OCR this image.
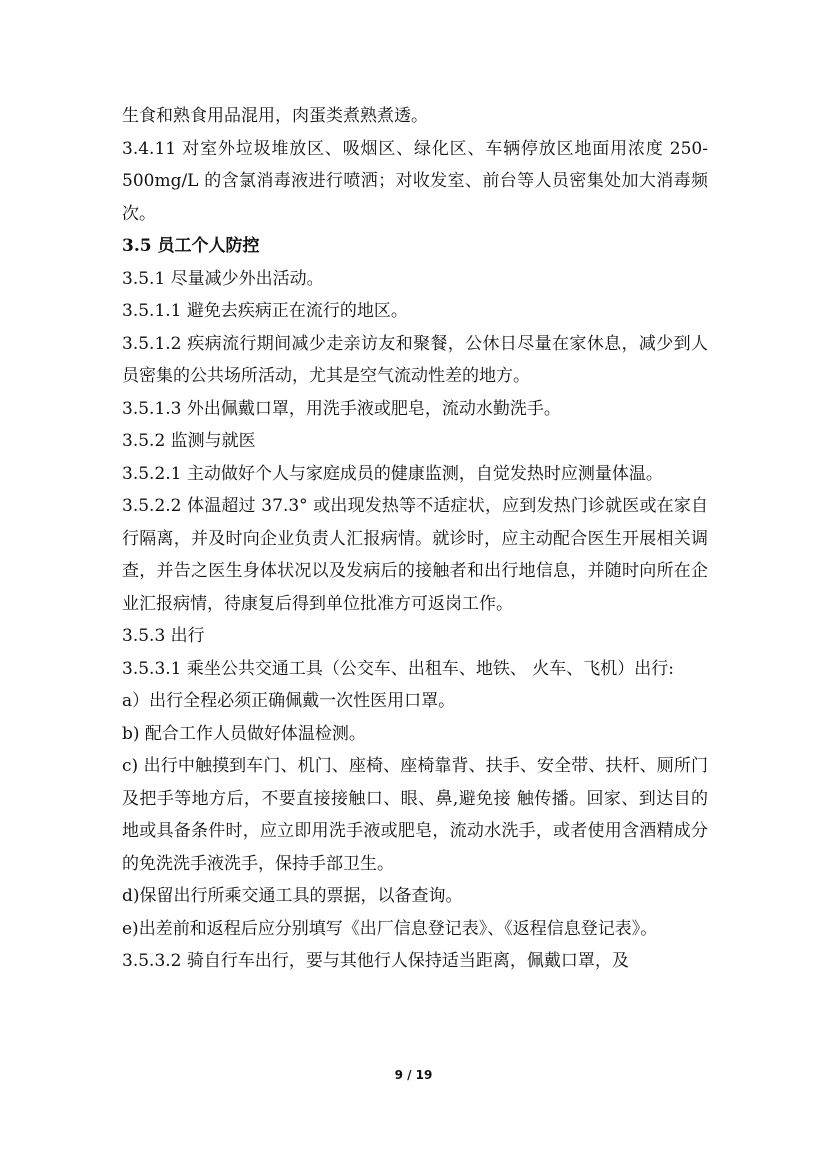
生食和熟食用品混用，肉蛋类煮熟煮透。

3.4.11 对室外垃圾堆放区、吸烟区、绿化区、车辆停放区地面用浓度 250-500mg/L 的含氯消毒液进行喷洒；对收发室、前台等人员密集处加大消毒频次。

3.5 员工个人防控

3.5.1 尽量减少外出活动。

3.5.1.1 避免去疾病正在流行的地区。

3.5.1.2 疾病流行期间减少走亲访友和聚餐，公休日尽量在家休息，减少到人员密集的公共场所活动，尤其是空气流动性差的地方。

3.5.1.3 外出佩戴口罩，用洗手液或肥皂，流动水勤洗手。

3.5.2 监测与就医

3.5.2.1 主动做好个人与家庭成员的健康监测，自觉发热时应测量体温。

3.5.2.2 体温超过 37.3° 或出现发热等不适症状，应到发热门诊就医或在家自行隔离，并及时向企业负责人汇报病情。就诊时，应主动配合医生开展相关调查，并告之医生身体状况以及发病后的接触者和出行地信息，并随时向所在企业汇报病情，待康复后得到单位批准方可返岗工作。

3.5.3 出行

3.5.3.1 乘坐公共交通工具（公交车、出租车、地铁、 火车、飞机）出行:

a）出行全程必须正确佩戴一次性医用口罩。

b) 配合工作人员做好体温检测。

c) 出行中触摸到车门、机门、座椅、座椅靠背、扶手、安全带、扶杆、厕所门及把手等地方后，不要直接接触口、眼、鼻,避免接 触传播。回家、到达目的地或具备条件时，应立即用洗手液或肥皂，流动水洗手，或者使用含酒精成分的免洗洗手液洗手，保持手部卫生。

d)保留出行所乘交通工具的票据，以备查询。

e)出差前和返程后应分别填写《出厂信息登记表》、《返程信息登记表》。

3.5.3.2 骑自行车出行，要与其他行人保持适当距离，佩戴口罩，及

9 / 19
